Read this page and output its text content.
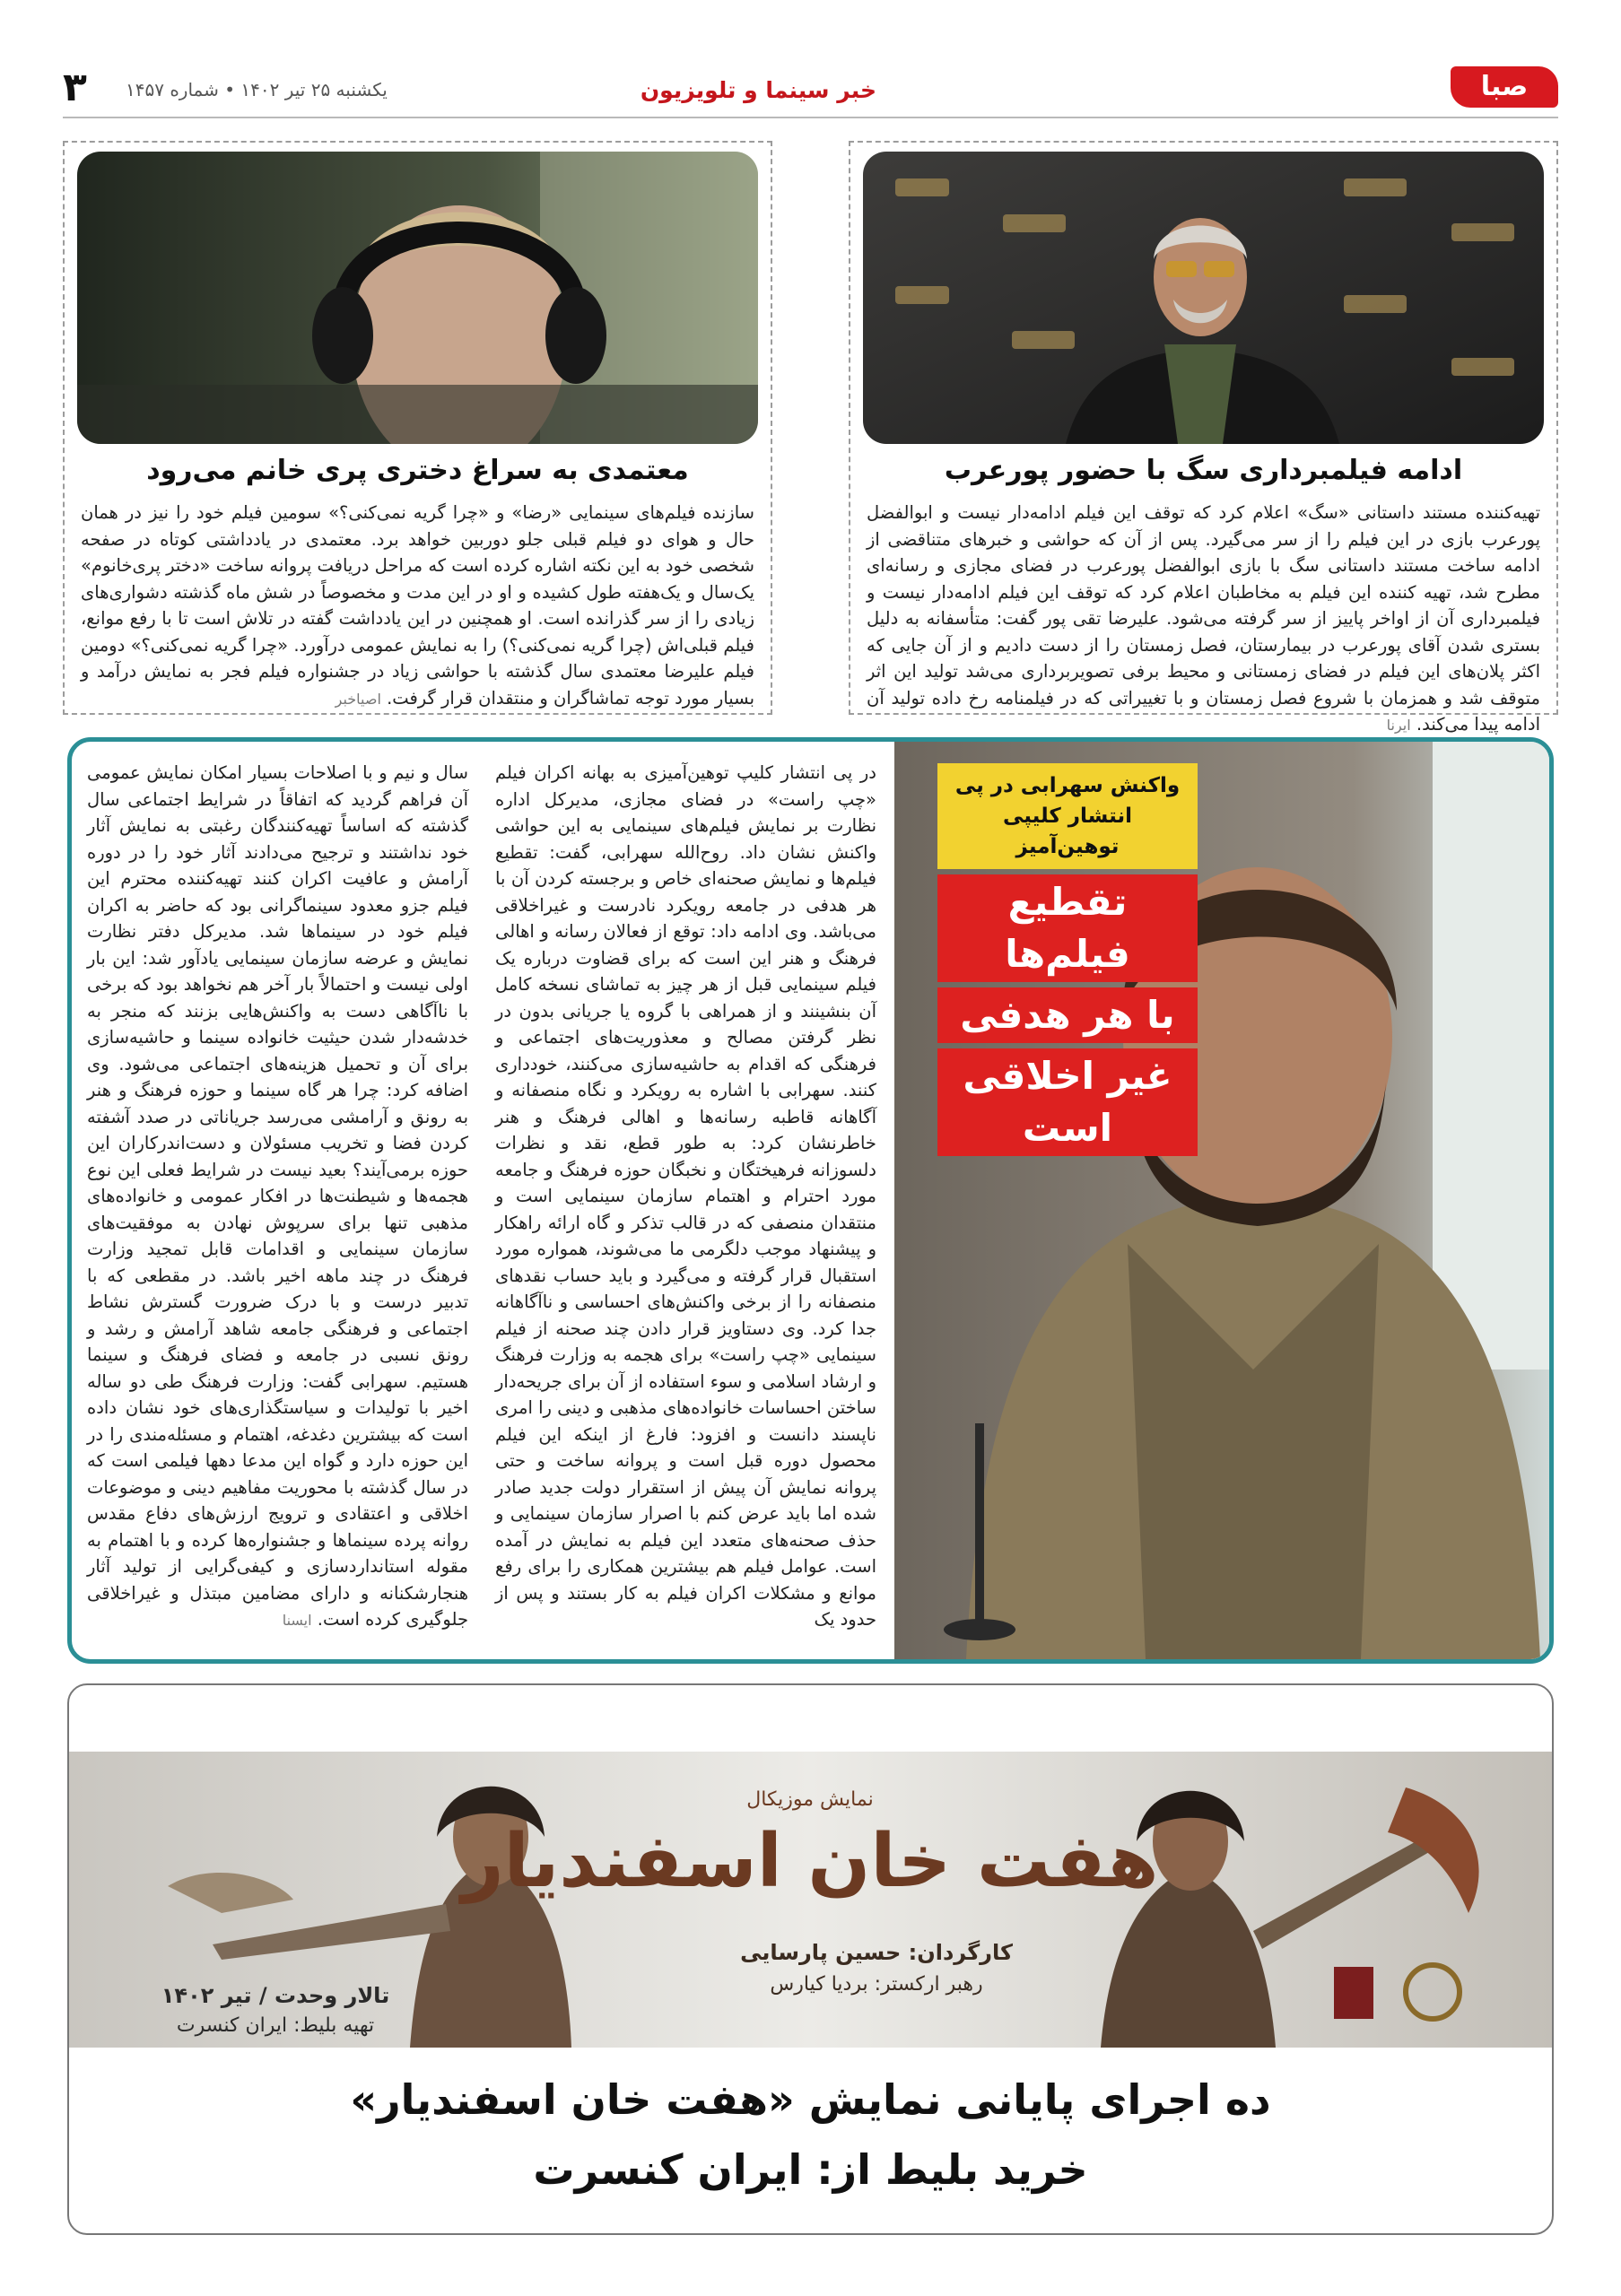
صبا
خبر سینما و تلویزیون
یکشنبه ۲۵ تیر ۱۴۰۲ • شماره ۱۴۵۷
۳
ادامه فیلمبرداری سگ با حضور پورعرب
تهیه‌کننده مستند داستانی «سگ» اعلام کرد که توقف این فیلم ادامه‌دار نیست و ابوالفضل پورعرب بازی در این فیلم را از سر می‌گیرد. پس از آن که حواشی و خبرهای متناقضی از ادامه ساخت مستند داستانی سگ با بازی ابوالفضل پورعرب در فضای مجازی و رسانه‌ای مطرح شد، تهیه کننده این فیلم به مخاطبان اعلام کرد که توقف این فیلم ادامه‌دار نیست و فیلمبرداری آن از اواخر پاییز از سر گرفته می‌شود. علیرضا تقی پور گفت: متأسفانه به دلیل بستری شدن آقای پورعرب در بیمارستان، فصل زمستان را از دست دادیم و از آن جایی که اکثر پلان‌های این فیلم در فضای زمستانی و محیط برفی تصویربرداری می‌شد تولید این اثر متوقف شد و همزمان با شروع فصل زمستان و با تغییراتی که در فیلمنامه رخ داده تولید آن ادامه پیدا می‌کند. ایرنا
معتمدی به سراغ دختری پری خانم می‌رود
سازنده فیلم‌های سینمایی «رضا» و «چرا گریه نمی‌کنی؟» سومین فیلم خود را نیز در همان حال و هوای دو فیلم قبلی جلو دوربین خواهد برد. معتمدی در یادداشتی کوتاه در صفحه شخصی خود به این نکته اشاره کرده است که مراحل دریافت پروانه ساخت «دختر پری‌خانوم» یک‌سال و یک‌هفته طول کشیده و او در این مدت و مخصوصاً در شش ماه گذشته دشواری‌های زیادی را از سر گذرانده است. او همچنین در این یادداشت گفته در تلاش است تا با رفع موانع، فیلم قبلی‌اش (چرا گریه نمی‌کنی؟) را به نمایش عمومی درآورد. «چرا گریه نمی‌کنی؟» دومین فیلم علیرضا معتمدی سال گذشته با حواشی زیاد در جشنواره فیلم فجر به نمایش درآمد و بسیار مورد توجه تماشاگران و منتقدان قرار گرفت. اصیاخبر
واکنش سهرابی در پی انتشار کلیپی توهین‌آمیز
تقطیع فیلم‌ها
با هر هدفی
غیر اخلاقی است
در پی انتشار کلیپ توهین‌آمیزی به بهانه اکران فیلم «چپ راست» در فضای مجازی، مدیرکل اداره نظارت بر نمایش فیلم‌های سینمایی به این حواشی واکنش نشان داد. روح‌الله سهرابی، گفت: تقطیع فیلم‌ها و نمایش صحنه‌ای خاص و برجسته کردن آن با هر هدفی در جامعه رویکرد نادرست و غیراخلاقی می‌باشد. وی ادامه داد: توقع از فعالان رسانه و اهالی فرهنگ و هنر این است که برای قضاوت درباره یک فیلم سینمایی قبل از هر چیز به تماشای نسخه کامل آن بنشینند و از همراهی با گروه یا جریانی بدون در نظر گرفتن مصالح و معذوریت‌های اجتماعی و فرهنگی که اقدام به حاشیه‌سازی می‌کنند، خودداری کنند. سهرابی با اشاره به رویکرد و نگاه منصفانه و آگاهانه قاطبه رسانه‌ها و اهالی فرهنگ و هنر خاطرنشان کرد: به طور قطع، نقد و نظرات دلسوزانه فرهیختگان و نخبگان حوزه فرهنگ و جامعه مورد احترام و اهتمام سازمان سینمایی است و منتقدان منصفی که در قالب تذکر و گاه ارائه راهکار و پیشنهاد موجب دلگرمی ما می‌شوند، همواره مورد استقبال قرار گرفته و می‌گیرد و باید حساب نقدهای منصفانه را از برخی واکنش‌های احساسی و ناآگاهانه جدا کرد. وی دستاویز قرار دادن چند صحنه از فیلم سینمایی «چپ راست» برای هجمه به وزارت فرهنگ و ارشاد اسلامی و سوء استفاده از آن برای جریحه‌دار ساختن احساسات خانواده‌های مذهبی و دینی را امری ناپسند دانست و افزود: فارغ از اینکه این فیلم محصول دوره قبل است و پروانه ساخت و حتی پروانه نمایش آن پیش از استقرار دولت جدید صادر شده اما باید عرض کنم با اصرار سازمان سینمایی و حذف صحنه‌های متعدد این فیلم به نمایش در آمده است. عوامل فیلم هم بیشترین همکاری را برای رفع موانع و مشکلات اکران فیلم به کار بستند و پس از حدود یک
سال و نیم و با اصلاحات بسیار امکان نمایش عمومی آن فراهم گردید که اتفاقاً در شرایط اجتماعی سال گذشته که اساساً تهیه‌کنندگان رغبتی به نمایش آثار خود نداشتند و ترجیح می‌دادند آثار خود را در دوره آرامش و عافیت اکران کنند تهیه‌کننده محترم این فیلم جزو معدود سینماگرانی بود که حاضر به اکران فیلم خود در سینماها شد. مدیرکل دفتر نظارت نمایش و عرضه سازمان سینمایی یادآور شد: این بار اولی نیست و احتمالاً بار آخر هم نخواهد بود که برخی با ناآگاهی دست به واکنش‌هایی بزنند که منجر به خدشه‌دار شدن حیثیت خانواده سینما و حاشیه‌سازی برای آن و تحمیل هزینه‌های اجتماعی می‌شود. وی اضافه کرد: چرا هر گاه سینما و حوزه فرهنگ و هنر به رونق و آرامشی می‌رسد جریاناتی در صدد آشفته کردن فضا و تخریب مسئولان و دست‌اندرکاران این حوزه برمی‌آیند؟ بعید نیست در شرایط فعلی این نوع هجمه‌ها و شیطنت‌ها در افکار عمومی و خانواده‌های مذهبی تنها برای سرپوش نهادن به موفقیت‌های سازمان سینمایی و اقدامات قابل تمجید وزارت فرهنگ در چند ماهه اخیر باشد. در مقطعی که با تدبیر درست و با درک ضرورت گسترش نشاط اجتماعی و فرهنگی جامعه شاهد آرامش و رشد و رونق نسبی در جامعه و فضای فرهنگ و سینما هستیم. سهرابی گفت: وزارت فرهنگ طی دو ساله اخیر با تولیدات و سیاستگذاری‌های خود نشان داده است که بیشترین دغدغه، اهتمام و مسئله‌مندی را در این حوزه دارد و گواه این مدعا دهها فیلمی است که در سال گذشته با محوریت مفاهیم دینی و موضوعات اخلاقی و اعتقادی و ترویج ارزش‌های دفاع مقدس روانه پرده سینماها و جشنواره‌ها کرده و با اهتمام به مقوله استانداردسازی و کیفی‌گرایی از تولید آثار هنجارشکنانه و دارای مضامین مبتذل و غیراخلاقی جلوگیری کرده است. ایسنا
هفت خان اسفندیار
نمایش موزیکال
کارگردان: حسین پارسایی
رهبر ارکستر: بردیا کیارس
تالار وحدت / تیر ۱۴۰۲
تهیه بلیط: ایران کنسرت
ده اجرای پایانی نمایش «هفت خان اسفندیار»
خرید بلیط از: ایران کنسرت
